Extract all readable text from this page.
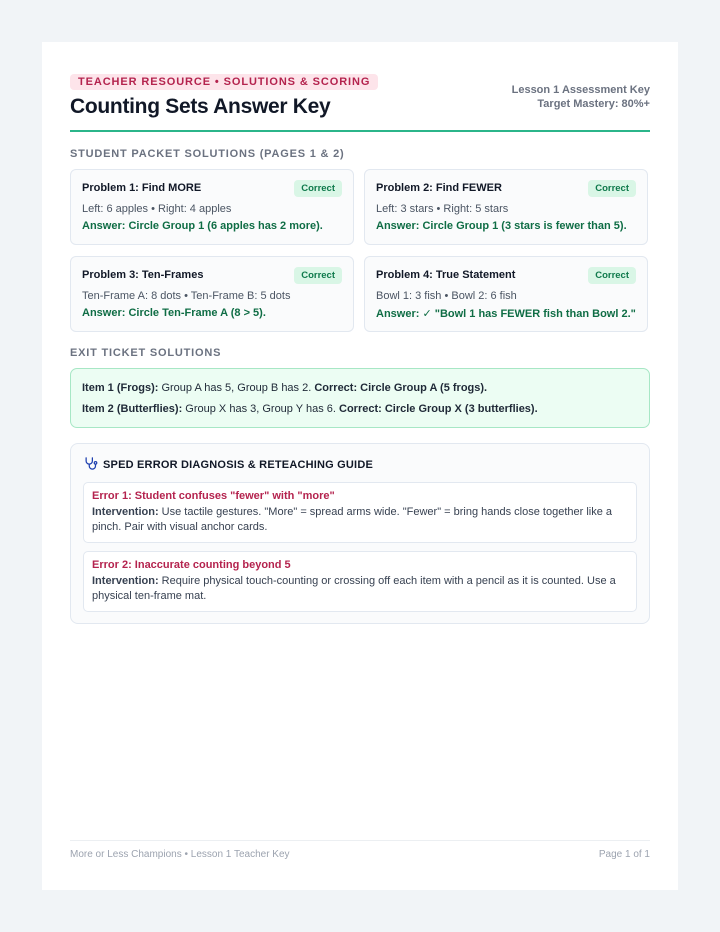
TEACHER RESOURCE • SOLUTIONS & SCORING
Counting Sets Answer Key
Lesson 1 Assessment Key
Target Mastery: 80%+
STUDENT PACKET SOLUTIONS (PAGES 1 & 2)
Problem 1: Find MORE	Correct
Left: 6 apples • Right: 4 apples
Answer: Circle Group 1 (6 apples has 2 more).
Problem 2: Find FEWER	Correct
Left: 3 stars • Right: 5 stars
Answer: Circle Group 1 (3 stars is fewer than 5).
Problem 3: Ten-Frames	Correct
Ten-Frame A: 8 dots • Ten-Frame B: 5 dots
Answer: Circle Ten-Frame A (8 > 5).
Problem 4: True Statement	Correct
Bowl 1: 3 fish • Bowl 2: 6 fish
Answer: ✓ "Bowl 1 has FEWER fish than Bowl 2."
EXIT TICKET SOLUTIONS

Item 1 (Frogs): Group A has 5, Group B has 2. Correct: Circle Group A (5 frogs).

Item 2 (Butterflies): Group X has 3, Group Y has 6. Correct: Circle Group X (3 butterflies).

SPED ERROR DIAGNOSIS & RETEACHING GUIDE
Error 1: Student confuses "fewer" with "more"
Intervention: Use tactile gestures. "More" = spread arms wide. "Fewer" = bring hands close together like a pinch. Pair with visual anchor cards.
Error 2: Inaccurate counting beyond 5
Intervention: Require physical touch-counting or crossing off each item with a pencil as it is counted. Use a physical ten-frame mat.
More or Less Champions • Lesson 1 Teacher Key	Page 1 of 1
